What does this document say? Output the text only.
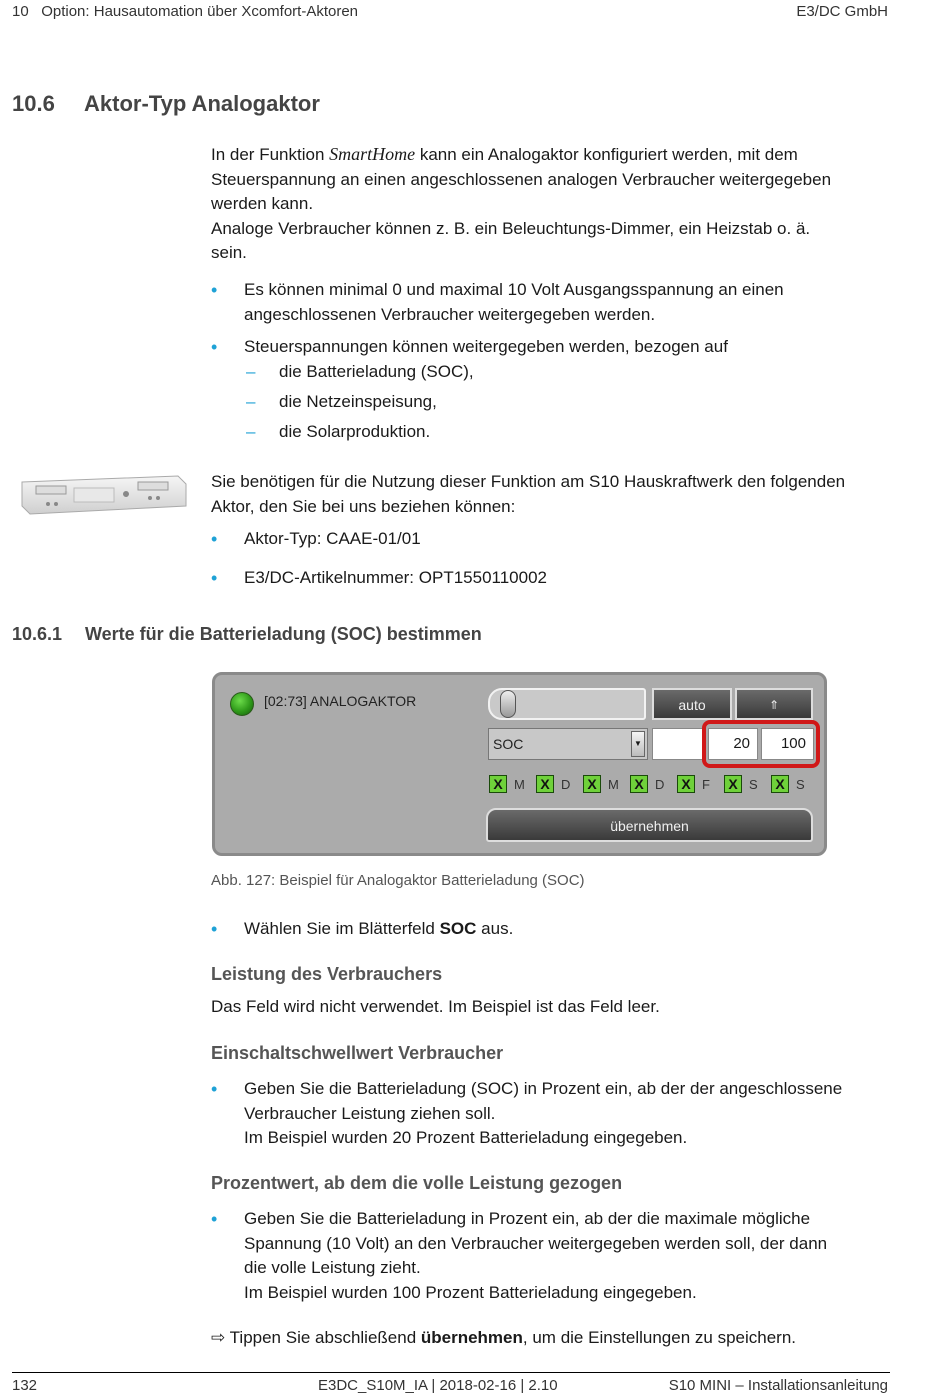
10 Option: Hausautomation über Xcomfort-Aktoren	E3/DC GmbH
10.6 Aktor-Typ Analogaktor
In der Funktion SmartHome kann ein Analogaktor konfiguriert werden, mit dem
Steuerspannung an einen angeschlossenen analogen Verbraucher weitergegeben
werden kann.
Analoge Verbraucher können z. B. ein Beleuchtungs-Dimmer, ein Heizstab o. ä.
sein.
• Es können minimal 0 und maximal 10 Volt Ausgangsspannung an einen
angeschlossenen Verbraucher weitergegeben werden.
• Steuerspannungen können weitergegeben werden, bezogen auf
– die Batterieladung (SOC),
– die Netzeinspeisung,
– die Solarproduktion.
Sie benötigen für die Nutzung dieser Funktion am S10 Hauskraftwerk den folgenden
Aktor, den Sie bei uns beziehen können:
• Aktor-Typ: CAAE-01/01
• E3/DC-Artikelnummer: OPT1550110002
10.6.1 Werte für die Batterieladung (SOC) bestimmen
[02:73] ANALOGAKTOR	auto	⇑
SOC	▼	20	100
X M	X D	X M	X D	X F	X S	X S
übernehmen
Abb. 127: Beispiel für Analogaktor Batterieladung (SOC)
• Wählen Sie im Blätterfeld SOC aus.
Leistung des Verbrauchers
Das Feld wird nicht verwendet. Im Beispiel ist das Feld leer.
Einschaltschwellwert Verbraucher
• Geben Sie die Batterieladung (SOC) in Prozent ein, ab der der angeschlossene
Verbraucher Leistung ziehen soll.
Im Beispiel wurden 20 Prozent Batterieladung eingegeben.
Prozentwert, ab dem die volle Leistung gezogen
• Geben Sie die Batterieladung in Prozent ein, ab der die maximale mögliche
Spannung (10 Volt) an den Verbraucher weitergegeben werden soll, der dann
die volle Leistung zieht.
Im Beispiel wurden 100 Prozent Batterieladung eingegeben.
⇨ Tippen Sie abschließend übernehmen, um die Einstellungen zu speichern.
132	E3DC_S10M_IA | 2018-02-16 | 2.10	S10 MINI – Installationsanleitung
